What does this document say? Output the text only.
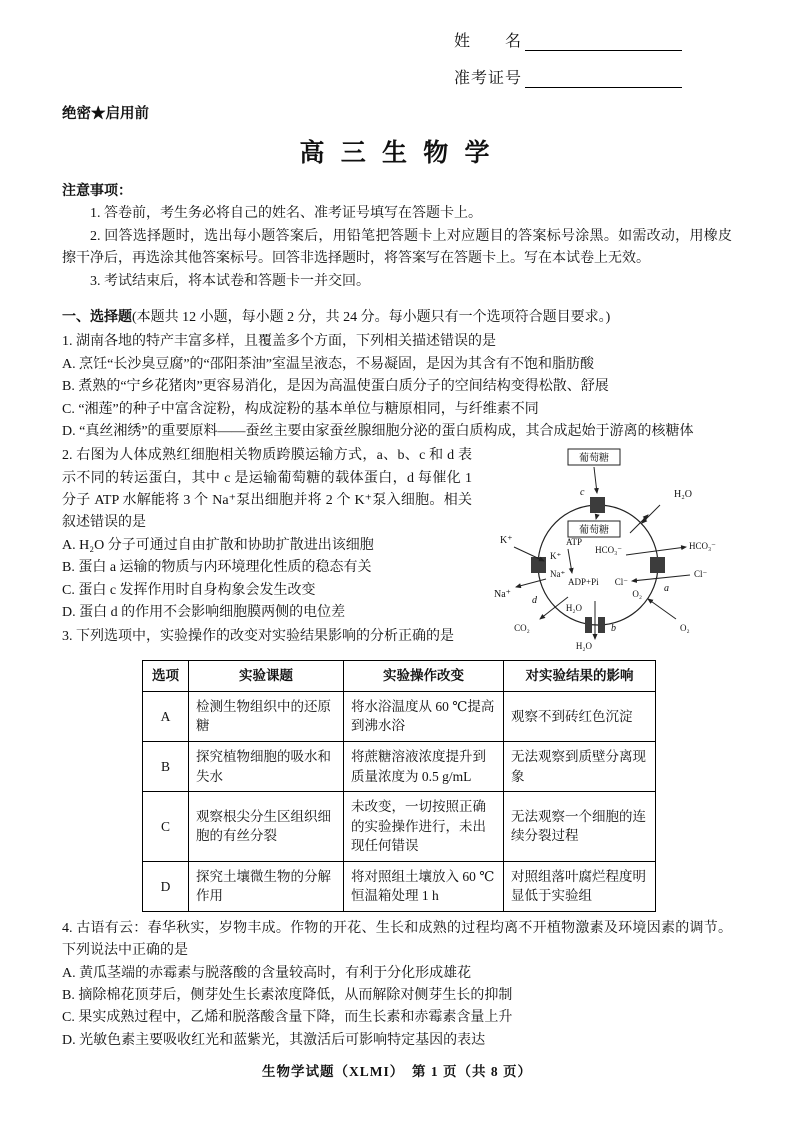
姓　　名
准考证号
绝密★启用前
高 三 生 物 学
注意事项：

1. 答卷前，考生务必将自己的姓名、准考证号填写在答题卡上。

2. 回答选择题时，选出每小题答案后，用铅笔把答题卡上对应题目的答案标号涂黑。如需改动，用橡皮擦干净后，再选涂其他答案标号。回答非选择题时，将答案写在答题卡上。写在本试卷上无效。

3. 考试结束后，将本试卷和答题卡一并交回。

一、选择题(本题共 12 小题，每小题 2 分，共 24 分。每小题只有一个选项符合题目要求。)

1. 湖南各地的特产丰富多样，且覆盖多个方面，下列相关描述错误的是

A. 烹饪“长沙臭豆腐”的“邵阳茶油”室温呈液态，不易凝固，是因为其含有不饱和脂肪酸

B. 煮熟的“宁乡花猪肉”更容易消化，是因为高温使蛋白质分子的空间结构变得松散、舒展

C. “湘莲”的种子中富含淀粉，构成淀粉的基本单位与糖原相同，与纤维素不同

D. “真丝湘绣”的重要原料——蚕丝主要由家蚕丝腺细胞分泌的蛋白质构成，其合成起始于游离的核糖体

葡萄糖
c
葡萄糖
H₂O
d
K⁺
K⁺
ATP
ADP+Pi
Na⁺
Na⁺
a
HCO₃⁻	HCO₃⁻
Cl⁻
Cl⁻
b
H₂O
H₂O
CO₂
O₂
O₂

2. 右图为人体成熟红细胞相关物质跨膜运输方式，a、b、c 和 d 表示不同的转运蛋白，其中 c 是运输葡萄糖的载体蛋白，d 每催化 1 分子 ATP 水解能将 3 个 Na⁺泵出细胞并将 2 个 K⁺泵入细胞。相关叙述错误的是

A. H₂O 分子可通过自由扩散和协助扩散进出该细胞

B. 蛋白 a 运输的物质与内环境理化性质的稳态有关

C. 蛋白 c 发挥作用时自身构象会发生改变

D. 蛋白 d 的作用不会影响细胞膜两侧的电位差

3. 下列选项中，实验操作的改变对实验结果影响的分析正确的是

选项	实验课题	实验操作改变	对实验结果的影响
A	检测生物组织中的还原糖	将水浴温度从 60 ℃提高到沸水浴	观察不到砖红色沉淀
B	探究植物细胞的吸水和失水	将蔗糖溶液浓度提升到质量浓度为 0.5 g/mL	无法观察到质壁分离现象
C	观察根尖分生区组织细胞的有丝分裂	未改变，一切按照正确的实验操作进行，未出现任何错误	无法观察一个细胞的连续分裂过程
D	探究土壤微生物的分解作用	将对照组土壤放入 60 ℃恒温箱处理 1 h	对照组落叶腐烂程度明显低于实验组

4. 古语有云：春华秋实，岁物丰成。作物的开花、生长和成熟的过程均离不开植物激素及环境因素的调节。下列说法中正确的是

A. 黄瓜茎端的赤霉素与脱落酸的含量较高时，有利于分化形成雄花

B. 摘除棉花顶芽后，侧芽处生长素浓度降低，从而解除对侧芽生长的抑制

C. 果实成熟过程中，乙烯和脱落酸含量下降，而生长素和赤霉素含量上升

D. 光敏色素主要吸收红光和蓝紫光，其激活后可影响特定基因的表达

生物学试题（XLMI）　第 1 页（共 8 页）
